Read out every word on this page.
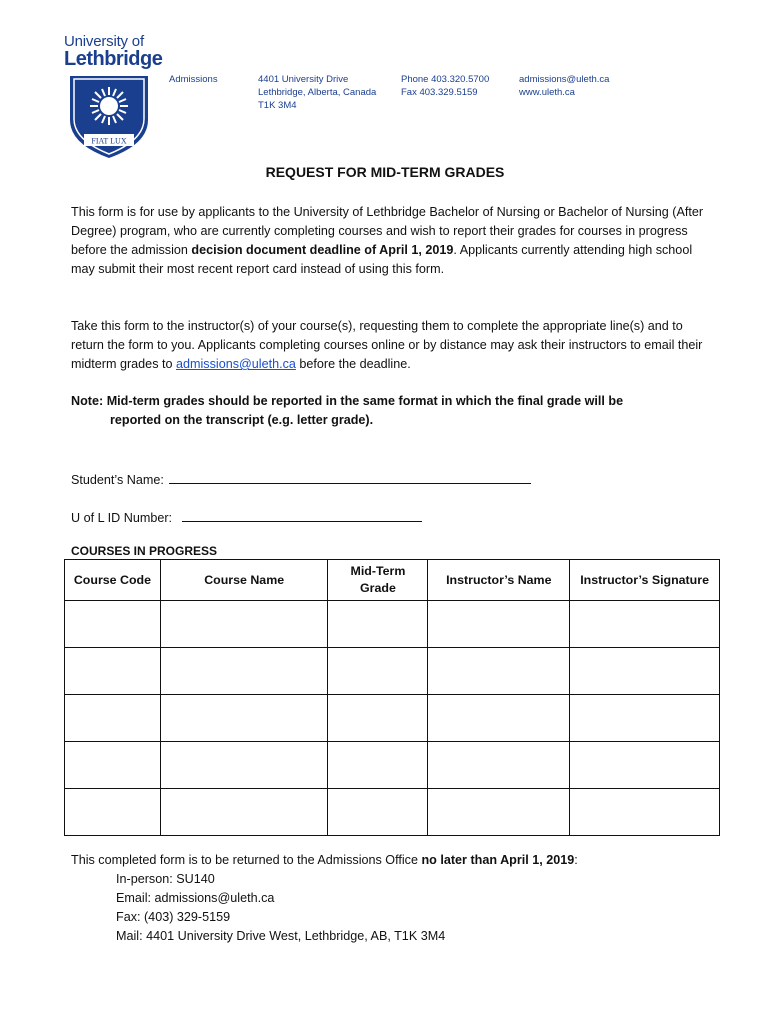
University of
Lethbridge
FIAT LUX
Admissions	4401 University Drive
Lethbridge, Alberta, Canada
T1K 3M4
Phone 403.320.5700
Fax 403.329.5159
admissions@uleth.ca
www.uleth.ca
REQUEST FOR MID-TERM GRADES
This form is for use by applicants to the University of Lethbridge Bachelor of Nursing or Bachelor of Nursing (After Degree) program, who are currently completing courses and wish to report their grades for courses in progress before the admission decision document deadline of April 1, 2019. Applicants currently attending high school may submit their most recent report card instead of using this form.
Take this form to the instructor(s) of your course(s), requesting them to complete the appropriate line(s) and to return the form to you. Applicants completing courses online or by distance may ask their instructors to email their midterm grades to admissions@uleth.ca before the deadline.
Note: Mid-term grades should be reported in the same format in which the final grade will be
reported on the transcript (e.g. letter grade).
Student’s Name:
U of L ID Number:
COURSES IN PROGRESS
Course Code	Course Name	Mid-Term Grade	Instructor’s Name	Instructor’s Signature

This completed form is to be returned to the Admissions Office no later than April 1, 2019:
In-person: SU140
Email: admissions@uleth.ca
Fax: (403) 329-5159
Mail: 4401 University Drive West, Lethbridge, AB, T1K 3M4
